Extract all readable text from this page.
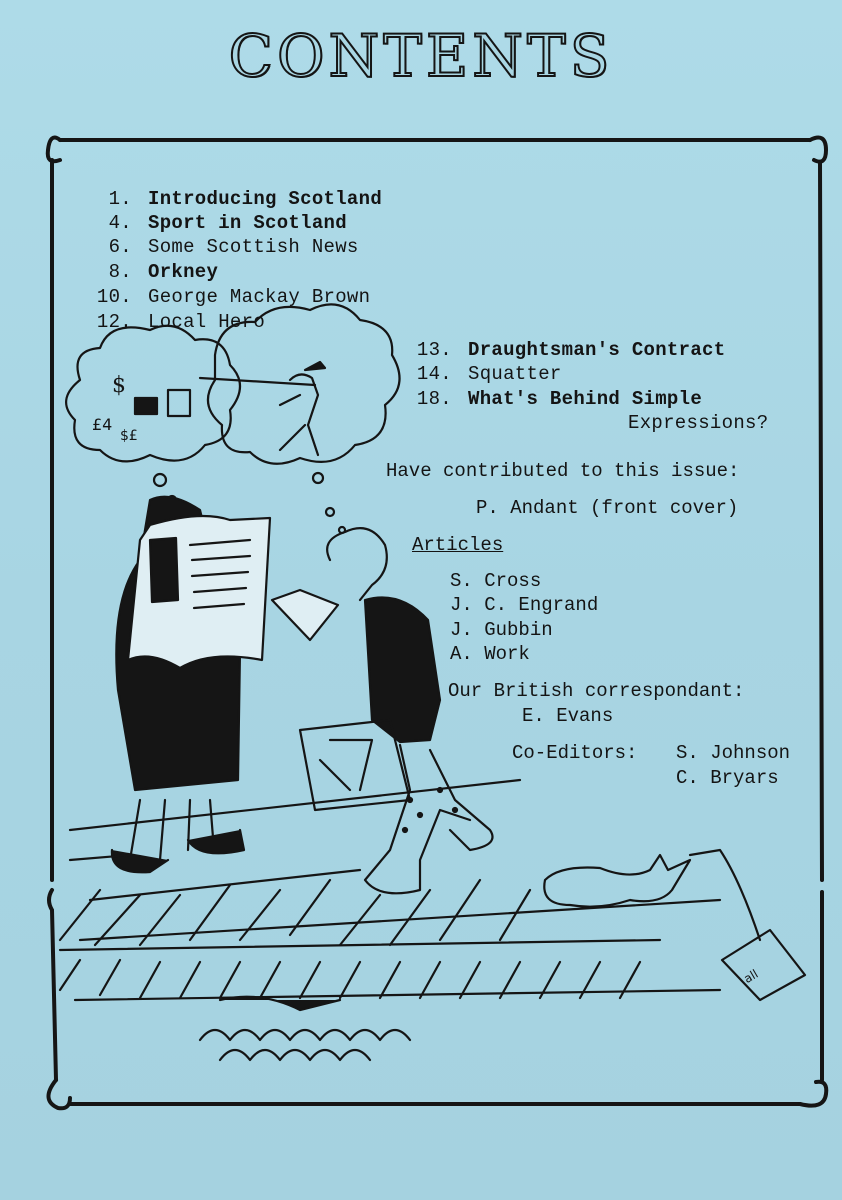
CONTENTS
$
£4
$£
all
1. Introducing Scotland
4. Sport in Scotland
6. Some Scottish News
8. Orkney
10. George Mackay Brown
12. Local Hero
13. Draughtsman's Contract
14. Squatter
18. What's Behind Simple
Expressions?
Have contributed to this issue:
P. Andant (front cover)
Articles
S. Cross
J. C. Engrand
J. Gubbin
A. Work
Our British correspondant:
E. Evans
Co-Editors: S. Johnson
C. Bryars
